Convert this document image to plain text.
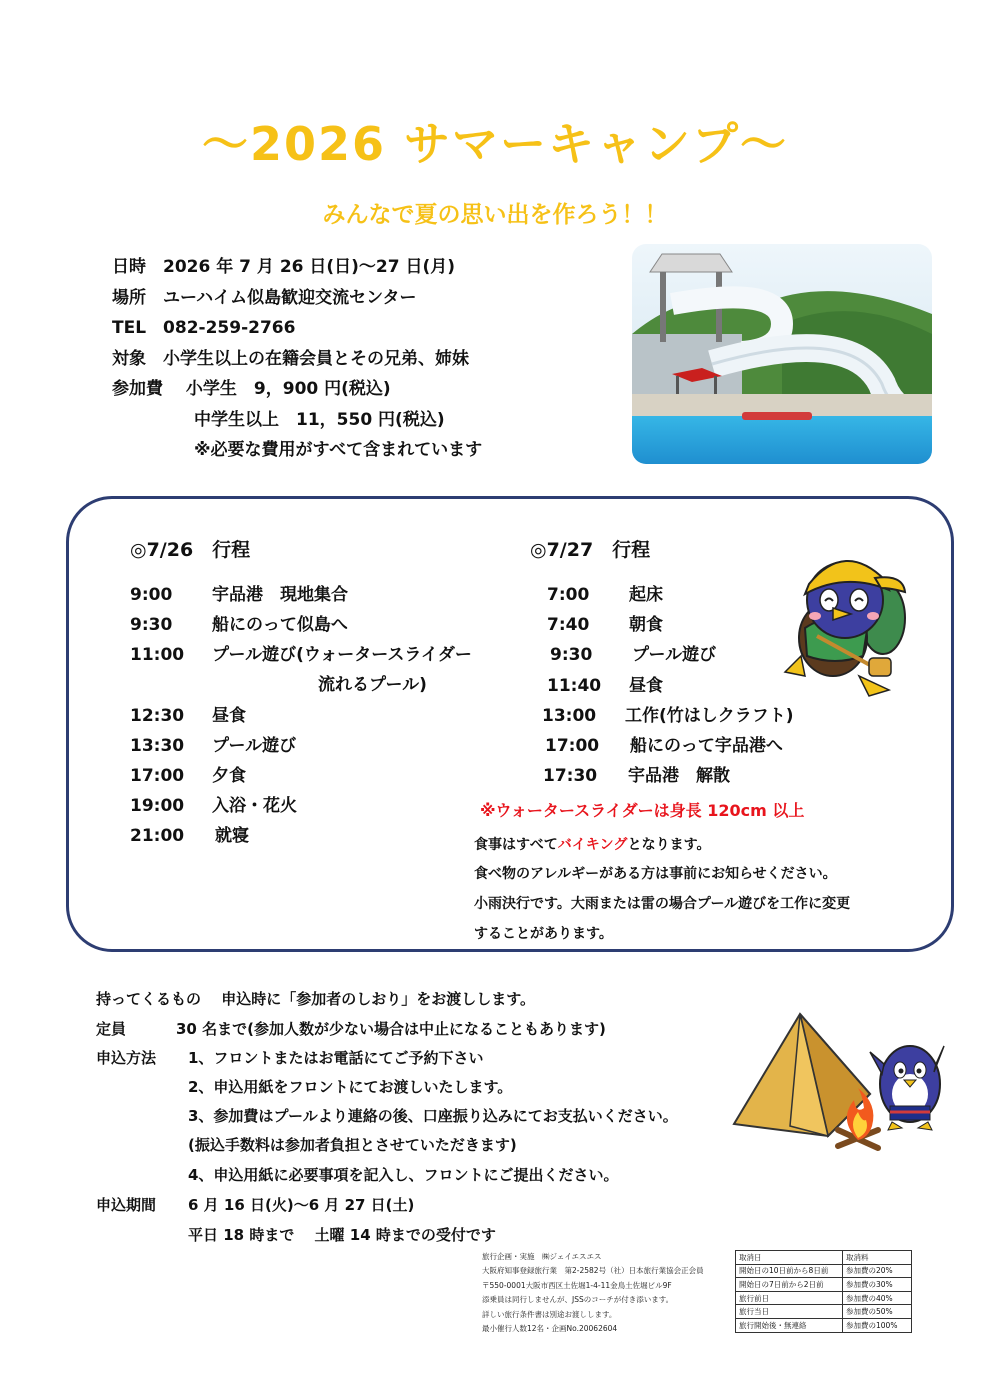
～2026 サマーキャンプ～
みんなで夏の思い出を作ろう！！
日時　2026 年 7 月 26 日(日)～27 日(月)
場所　ユーハイム似島歓迎交流センター
TEL　082-259-2766
対象　小学生以上の在籍会員とその兄弟、姉妹
参加費　 小学生　9，900 円(税込)
中学生以上　11，550 円(税込)
※必要な費用がすべて含まれています
◎7/26　行程	◎7/27　行程
9:00 宇品港　現地集合
9:30 船にのって似島へ
11:00 プール遊び(ウォータースライダー
流れるプール)
12:30 昼食
13:30 プール遊び
17:00 夕食
19:00 入浴・花火
21:00 就寝
7:00 起床
7:40 朝食
9:30 プール遊び
11:40 昼食
13:00 工作(竹はしクラフト)
17:00 船にのって宇品港へ
17:30 宇品港　解散
※ウォータースライダーは身長 120cm 以上
食事はすべてバイキングとなります。
食べ物のアレルギーがある方は事前にお知らせください。
小雨決行です。大雨または雷の場合プール遊びを工作に変更
することがあります。
持ってくるもの　 申込時に「参加者のしおり」をお渡しします。
定員	30 名まで(参加人数が少ない場合は中止になることもあります)
申込方法 1、フロントまたはお電話にてご予約下さい
2、申込用紙をフロントにてお渡しいたします。
3、参加費はプールより連絡の後、口座振り込みにてお支払いください。
(振込手数料は参加者負担とさせていただきます)
4、申込用紙に必要事項を記入し、フロントにご提出ください。
申込期間 6 月 16 日(火)～6 月 27 日(土)
平日 18 時まで　 土曜 14 時までの受付です
旅行企画・実施　㈱ジェイエスエス
大阪府知事登録旅行業　第2-2582号（社）日本旅行業協会正会員
〒550-0001大阪市西区土佐堀1-4-11金鳥土佐堀ビル9F
添乗員は同行しませんが、JSSのコーチが付き添います。
詳しい旅行条件書は別途お渡しします。
最小催行人数12名・企画No.20062604
取消日	取消料
開始日の10日前から8日前	参加費の20%
開始日の7日前から2日前	参加費の30%
旅行前日	参加費の40%
旅行当日	参加費の50%
旅行開始後・無連絡	参加費の100%
